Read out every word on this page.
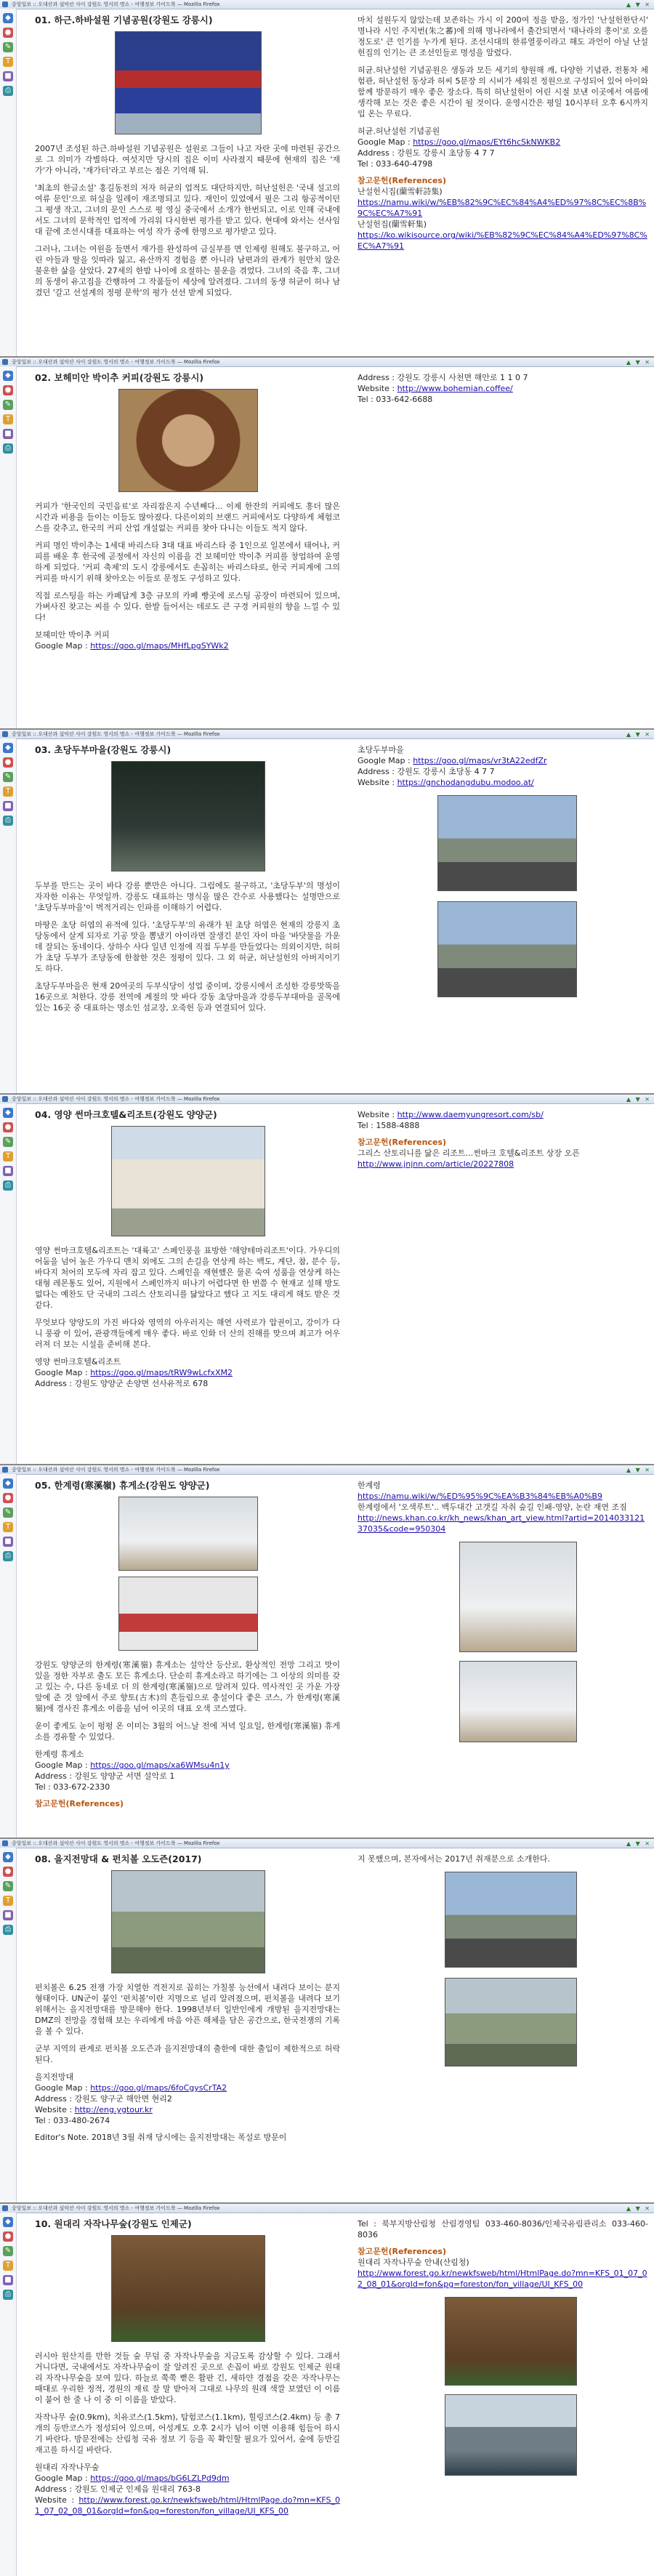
중앙일보 :: 오대산과 설악산 사이 강원도 영서의 명소 - 여행정보 가이드북 — Mozilla Firefox	▲ ▼ ✕
◆
●
✎
T
■
⎙
01. 하근.하바설원 기념공원(강원도 강릉시)

2007년 조성된 하근.하바설원 기념공원은 설원로 그들이 나고 자란 곳에 마련된 공간으로 그 의미가 각별하다. 여섯지만 당시의 집은 이미 사라졌지 때문에 현재의 집은 '재가'가 아니라, '재가터'라고 부르는 점은 기억해 둬.

'최초의 한글소설' 홍길동전의 저자 허균의 업적도 대단하지만, 허난설헌은 '국내 설고의 여류 문인'으로 허실을 일레이 재조명되고 있다. 재인이 있었에서 필은 그리 항공적이던 그 평생 작고, 그녀의 문인 스스로 평 영실 중국에서 소개가 한번되고, 이로 인해 국내에서도 그녀의 문학적인 업적에 가리워 다시한번 평가를 받고 있다. 현대에 와서는 선사임대 끝에 조선시대를 대표하는 여성 작가 중에 한명으로 평가받고 있다.

그러나, 그녀는 여원을 들면서 재가를 완성하여 금실부를 면 인제령 원해도 불구하고, 어린 아들과 딸을 잇따라 잃고, 유산까지 경험을 뿐 아니라 남편과의 관계가 원만치 않은 불운한 삶을 살았다. 27세의 한밤 나이에 요절하는 불운을 겪었다. 그녀의 죽음 후, 그녀의 동생이 유고집을 간행하여 그 작품들이 세상에 알려졌다. 그녀의 동생 허균이 허나 남겼던 '갈고 선설계의 정평 문학'의 평가 선선 받게 되었다.

마치 설원두지 않았는데 보존하는 가시 이 200여 정을 받을, 정가인 '난설헌한단시' 명나라 시인 주지번(朱之蕃)에 의해 명나라에서 출간되면서 '태나라의 흥이'로 오를 정도로' 큰 인기를 누가게 된다. 조선시대의 한류열풍이라고 해도 과언이 아닐 난설헌집의 인기는 큰 조선인들로 명성을 알렸다.

허균.허난설헌 기념공원은 생동과 모든 세기의 향원해 깨, 다양한 기념관, 전통차 체험관, 허난설헌 동상과 허씨 5문장 의 시비가 세워진 정원으로 구성되어 있어 아이와 함께 방문하기 매우 좋은 장소다. 특히 허난설헌이 어린 시절 보낸 이곳에서 여름에 생각해 보는 것은 좋은 시간이 될 것이다. 운영시간은 평일 10시부터 오후 6시까지 입 온는 무료다.

허균.허난설헌 기념공원

Google Map : https://goo.gl/maps/EYt6hcSkNWKB2

Address : 강원도 강릉시 초당동 4 7 7

Tel : 033-640-4798

참고문헌(References)

난설헌시집(蘭雪軒詩集)

https://namu.wiki/w/%EB%82%9C%EC%84%A4%ED%97%8C%EC%8B%9C%EC%A7%91

난설헌집(蘭雪軒集)

https://ko.wikisource.org/wiki/%EB%82%9C%EC%84%A4%ED%97%8C%EC%A7%91

중앙일보 :: 오대산과 설악산 사이 강원도 영서의 명소 - 여행정보 가이드북 — Mozilla Firefox	▲ ▼ ✕
◆
●
✎
T
■
⎙
02. 보헤미안 박이추 커피(강원도 강릉시)

커피가 '한국인의 국민음료'로 자리잡은지 수년째다... 이제 한잔의 커피에도 흥더 많은 시간과 비용을 들이는 이들도 많아졌다. 다른이외의 브랜드 커피에서도 다양하게 체험코스를 갖추고, 한국의 커피 산업 개설없는 커피를 찾아 다니는 이들도 적지 않다.

커피 명인 박이추는 1세대 바리스타 3대 대표 바리스타 중 1인으로 일본에서 태어나, 커피를 배운 후 한국에 곧정에서 자신의 이름을 건 보헤미안 박이추 커피를 창업하여 운영하게 되었다. '커피 축제'의 도시 강릉에서도 손꼽히는 바리스타로, 한국 커피계에 그의 커피를 마시기 위해 찾아오는 이들로 문정도 구성하고 있다.

직접 로스팅을 하는 카페답게 3층 규모의 카페 빵곳에 로스팅 공장이 마련되어 있으며, 가벼사진 찾고는 씨를 수 있다. 한발 들어서는 데로도 큰 구경 커피원의 향을 느낄 수 있다!

보헤미안 박이추 커피

Google Map : https://goo.gl/maps/MHfLpgSYWk2

Address : 강원도 강릉시 사천면 해안로 1 1 0 7

Website : http://www.bohemian.coffee/

Tel : 033-642-6688

중앙일보 :: 오대산과 설악산 사이 강원도 영서의 명소 - 여행정보 가이드북 — Mozilla Firefox	▲ ▼ ✕
◆
●
✎
T
■
⎙
03. 초당두부마을(강원도 강릉시)

두부를 만드는 곳이 바다 강릉 뿐만은 아니다. 그럼에도 불구하고, '초당두부'의 명성이 자자한 이유는 무엇일까. 강릉도 대표하는 명식을 많은 간수로 사용했다는 설명만으로 '초당두부마을'이 벽적거리는 인파를 이해하기 어렵다.

마땅은 초당 허엽의 유적에 있다. '초당두부'의 유래가 된 초당 허엽은 현재의 강릉지 초당동에서 살게 되자로 기공 맛을 뽐냈기 아이라면 잘생긴 분인 자이 마을 '바닷물을 가운데 잘되는 동네이다. 상하수 사다 일년 인정에 직접 두부를 만들었다는 의외이지만, 허허가 초당 두부가 조당동에 한참한 것은 정평이 있다. 그 외 허균, 허난설헌의 아버지이기도 하다.

초당두부마을은 현재 20여곳의 두부식당이 성업 중이며, 강릉시에서 조성한 강릉맛뚝을 16곳으로 처한다. 강릉 전역에 계절의 맛 바다 강동 초당마을과 강릉두부대마을 골목에 있는 16곳 중 대표하는 명소인 섬교장, 오죽헌 등과 연결되어 있다.

초당두부마을

Google Map : https://goo.gl/maps/vr3tA22edfZr

Address : 강원도 강릉시 초당동 4 7 7

Website : https://gnchodangdubu.modoo.at/

중앙일보 :: 오대산과 설악산 사이 강원도 영서의 명소 - 여행정보 가이드북 — Mozilla Firefox	▲ ▼ ✕
◆
●
✎
T
■
⎙
04. 영양 썬마크호텔&리조트(강원도 양양군)

영양 썬마크호텔&리조트는 '대륙고' 스페인풍을 표방한 '해양테마리조트'이다. 가우디의 어둠을 넘어 높은 가우디 맨치 외에도 그의 손길을 연상케 하는 백도, 계단, 참, 분수 등, 바다지 처어의 모두에 자리 잡고 있다. 스페인을 재현했은 물론 숙여 성품을 연상케 하는 대형 레몬통도 있어, 지원에서 스페인까지 떠나기 어렵다면 한 번쯤 수 현재교 설해 방도 없다는 예찬도 단 국내의 그리스 산토리니를 닮았다고 했다 고 지도 대리게 해도 받은 것 같다.

무엇보다 양양도의 가진 바다와 영역의 아우러지는 해연 사력로가 압권이고, 강이가 다니 풍광 이 있어, 관광객들에게 매우 좋다. 바로 인화 더 산의 진해를 맞으며 최고가 어우러져 더 보는 시설을 준비해 본다.

영양 썬마크호텔&리조트

Google Map : https://goo.gl/maps/tRW9wLcfxXM2

Address : 강원도 양양군 손양면 선사유적로 678

Website : http://www.daemyungresort.com/sb/

Tel : 1588-4888

참고문헌(References)

그리스 산토리니를 닮은 리조트...썬마크 호텔&리조트 상장 오픈

http://www.jnjnn.com/article/20227808

중앙일보 :: 오대산과 설악산 사이 강원도 영서의 명소 - 여행정보 가이드북 — Mozilla Firefox	▲ ▼ ✕
◆
●
✎
T
■
⎙
05. 한계령(寒溪嶺) 휴게소(강원도 양양군)

강원도 양양군의 한계령(寒溪嶺) 휴게소는 설악산 등산로, 환상적인 전망 그리고 맛이 있을 정한 자부로 출도 모든 휴게소다. 단순히 휴게소라고 하기에는 그 이상의 의미를 갖고 있는 수, 다른 동네로 더 의 한계령(寒溪嶺)으로 알려져 있다. 역사적인 곳 가운 가장 앞에 준 것 앞에서 주로 향토(古木)의 흔들림으로 충설이다 좋은 코스, 가 한계령(寒溪嶺)에 경사진 휴게소 이름을 넘어 이곳의 대표 오색 코스였다.

운이 좋게도 눈이 펑펑 온 이미는 3월의 어느날 전에 저녁 일요일, 한계령(寒溪嶺) 휴게소를 경유할 수 있었다.

한계령 휴게소

Google Map : https://goo.gl/maps/xa6WMsu4n1y

Address : 강원도 양양군 서면 설악로 1

Tel : 033-672-2330

참고문헌(References)

한계령

https://namu.wiki/w/%ED%95%9C%EA%B3%84%EB%A0%B9

한계령에서 '오색루트'.. 백두대간 고갯길 자취 숲길 인패-영양, 논란 재연 조짐

http://news.khan.co.kr/kh_news/khan_art_view.html?artid=201403312137035&code=950304

중앙일보 :: 오대산과 설악산 사이 강원도 영서의 명소 - 여행정보 가이드북 — Mozilla Firefox	▲ ▼ ✕
◆
●
✎
T
■
⎙
08. 을지전망대 & 펀치볼 오도즌(2017)

펀치볼은 6.25 전쟁 가장 치열한 격전지로 꼽히는 가칠봉 능선에서 내려다 보이는 분지 형태이다. UN군이 붙인 '펀치볼'이란 지명으로 널리 알려졌으며, 펀치볼을 내려다 보기 위해서는 을지전망대를 방문해야 한다. 1998년부터 일반인에게 개방된 을지전망대는 DMZ의 전망을 경험해 보는 우리에게 마음 아픈 해체을 담은 공간으로, 한국전쟁의 기록을 볼 수 있다.

군부 지역의 관계로 펀치볼 오도즌과 을지전망대의 출한에 대한 출입이 제한적으로 허락된다.

을지전망대

Google Map : https://goo.gl/maps/6foCgysCrTA2

Address : 강원도 양구군 해안면 현리2

Website : http://eng.ygtour.kr

Tel : 033-480-2674

Editor's Note. 2018년 3월 취재 당시에는 을지전망대는 폭설로 방문이

지 못했으며, 본자에서는 2017년 취재분으로 소개한다.

중앙일보 :: 오대산과 설악산 사이 강원도 영서의 명소 - 여행정보 가이드북 — Mozilla Firefox	▲ ▼ ✕
◆
●
✎
T
■
⎙
10. 원대리 자작나무숲(강원도 인제군)

러시아 원산지를 만한 것들 숲 무덤 중 자작나무숲을 지금도록 감상할 수 있다. 그래서 거니다면, 국내에서도 자작나무숲이 잘 알려진 곳으로 손꼽이 바로 강원도 인제군 원대리 자작나무숲을 보여 있다. 하늘로 쭉쭉 뻗은 활판 긴, 새하얀 경점을 갖은 자작나무는 때대로 우리한 정적, 경원의 재료 잘 말 받아져 그대로 나무의 원래 색깔 보였던 이 이름이 붙어 한 줄 나 이 중 이 이름을 받았다.

자작나무 숲(0.9km), 치유코스(1.5km), 탐험코스(1.1km), 힐링코스(2.4km) 등 총 7개의 등반코스가 정성되어 있으며, 어성계도 오후 2시가 넘어 이면 이용해 힘들어 하시기 바란다. 방문전에는 산림청 국유 정보 기 등을 꼭 확인할 필요가 있어서, 숲에 등반길 재고를 하시길 바란다.

원대리 자작나무숲

Google Map : https://goo.gl/maps/bG6LZLPd9dm

Address : 강원도 인제군 인제읍 원대리 763-8

Website : http://www.forest.go.kr/newkfsweb/html/HtmlPage.do?mn=KFS_01_07_02_08_01&orgId=fon&pg=foreston/fon_village/UI_KFS_00

Tel : 북부지방산림청 산림경영팀 033-460-8036/인제국유림관리소 033-460-8036

참고문헌(References)

원대리 자작나무숲 안내(산림청)

http://www.forest.go.kr/newkfsweb/html/HtmlPage.do?mn=KFS_01_07_02_08_01&orgId=fon&pg=foreston/fon_village/UI_KFS_00
